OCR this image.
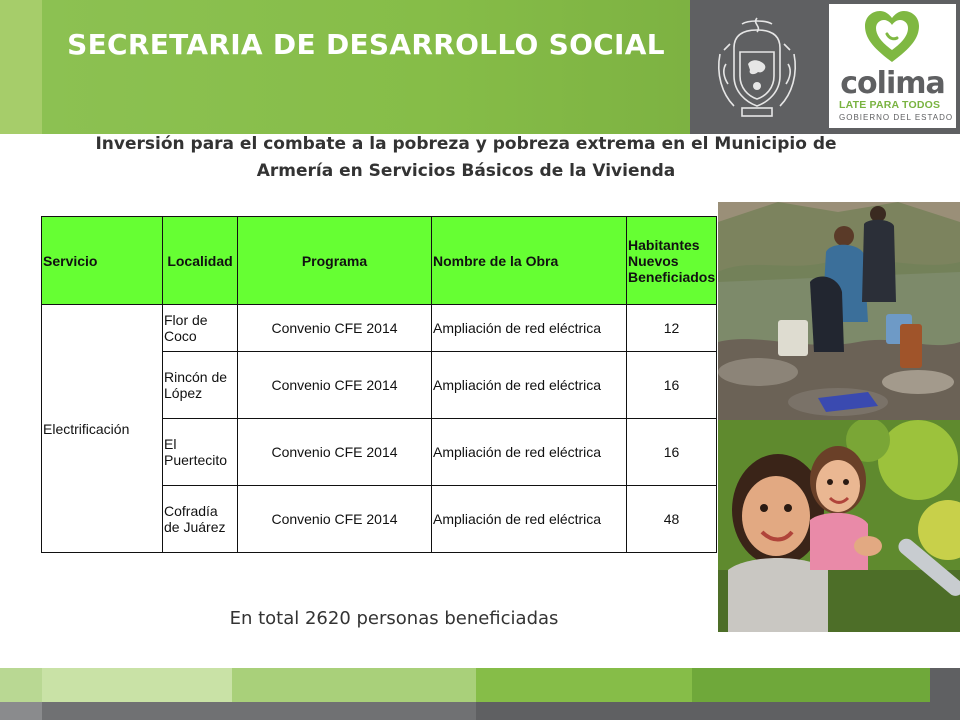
SECRETARIA DE DESARROLLO SOCIAL
colima
LATE PARA TODOS
GOBIERNO DEL ESTADO
Inversión para el combate a la pobreza y pobreza extrema en el Municipio de
Armería en Servicios Básicos de la Vivienda
Servicio	Localidad	Programa	Nombre de la Obra	Habitantes Nuevos Beneficiados
Electrificación	Flor de Coco	Convenio CFE 2014	Ampliación de red eléctrica	12
	Rincón de López	Convenio CFE 2014	Ampliación de red eléctrica	16
	El Puertecito	Convenio CFE 2014	Ampliación de red eléctrica	16
	Cofradía de Juárez	Convenio CFE 2014	Ampliación de red eléctrica	48
En total 2620 personas beneficiadas
